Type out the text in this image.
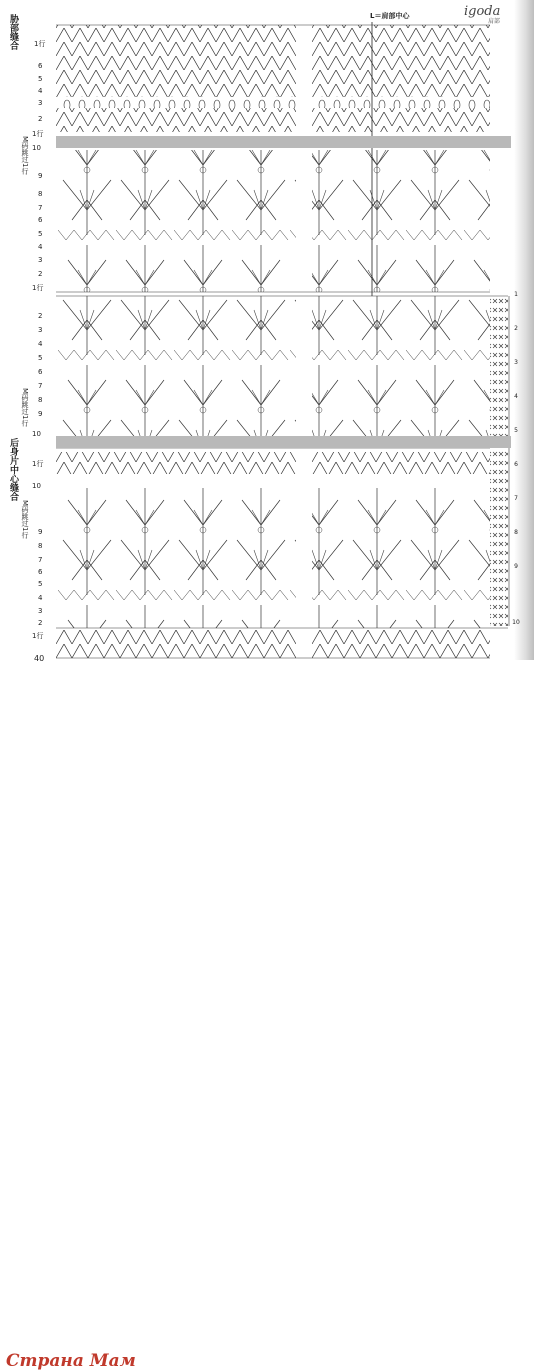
L＝肩部中心	igoda
肩部
胁部缝合
后身片中心缝合
M码跳过1行
M码跳过1行
M码跳过1行
1行
6
5
4
3
2
1行
10
9
8
7
6
5
4
3
2
1行
2
3
4
5
6
7
8
9
10
1行
10
9
8
7
6
5
4
3
2
1行
1
2
3
4
5
6
7
8
9
10
40
Страна Мам
